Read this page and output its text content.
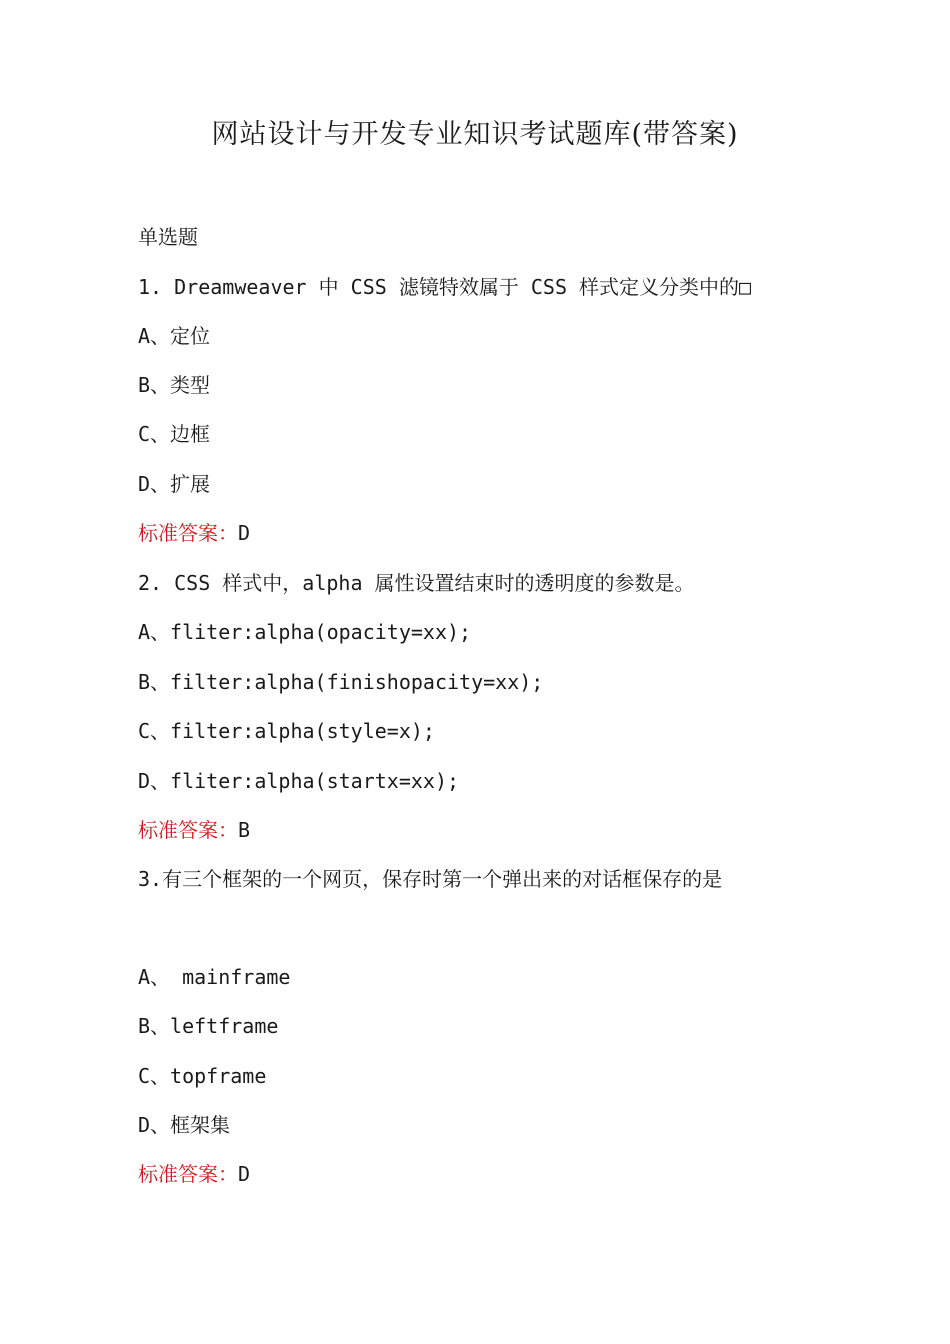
网站设计与开发专业知识考试题库(带答案)
单选题
1. Dreamweaver 中 CSS 滤镜特效属于 CSS 样式定义分类中的□
A、定位
B、类型
C、边框
D、扩展
标准答案：D
2. CSS 样式中，alpha 属性设置结束时的透明度的参数是。
A、fliter:alpha(opacity=xx);
B、filter:alpha(finishopacity=xx);
C、filter:alpha(style=x);
D、fliter:alpha(startx=xx);
标准答案：B
3.有三个框架的一个网页，保存时第一个弹出来的对话框保存的是
A、 mainframe
B、leftframe
C、topframe
D、框架集
标准答案：D
